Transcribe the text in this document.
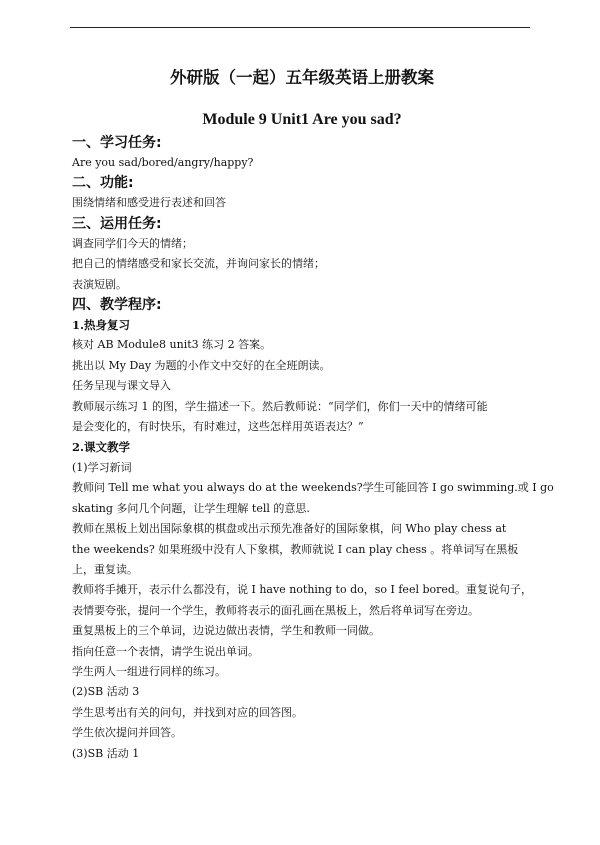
外研版（一起）五年级英语上册教案
Module 9 Unit1 Are you sad?
一、学习任务:
Are you sad/bored/angry/happy?
二、功能:
围绕情绪和感受进行表述和回答
三、运用任务:
调查同学们今天的情绪；
把自己的情绪感受和家长交流，并询问家长的情绪；
表演短剧。
四、教学程序:
1.热身复习
核对 AB Module8 unit3 练习 2 答案。
挑出以 My Day 为题的小作文中交好的在全班朗读。
任务呈现与课文导入
教师展示练习 1 的图，学生描述一下。然后教师说：“同学们，你们一天中的情绪可能
是会变化的，有时快乐，有时难过，这些怎样用英语表达？”
2.课文教学
(1)学习新词
教师问 Tell me what you always do at the weekends?学生可能回答 I go swimming.或 I go
skating 多问几个问题，让学生理解 tell 的意思.
教师在黑板上划出国际象棋的棋盘或出示预先准备好的国际象棋，问 Who play chess at
the weekends? 如果班级中没有人下象棋，教师就说 I can play chess 。将单词写在黑板
上，重复读。
教师将手摊开，表示什么都没有，说 I have nothing to do，so I feel bored。重复说句子，
表情要夸张，提问一个学生，教师将表示的面孔画在黑板上，然后将单词写在旁边。
重复黑板上的三个单词，边说边做出表情，学生和教师一同做。
指向任意一个表情，请学生说出单词。
学生两人一组进行同样的练习。
(2)SB 活动 3
学生思考出有关的问句，并找到对应的回答图。
学生依次提问并回答。
(3)SB 活动 1
